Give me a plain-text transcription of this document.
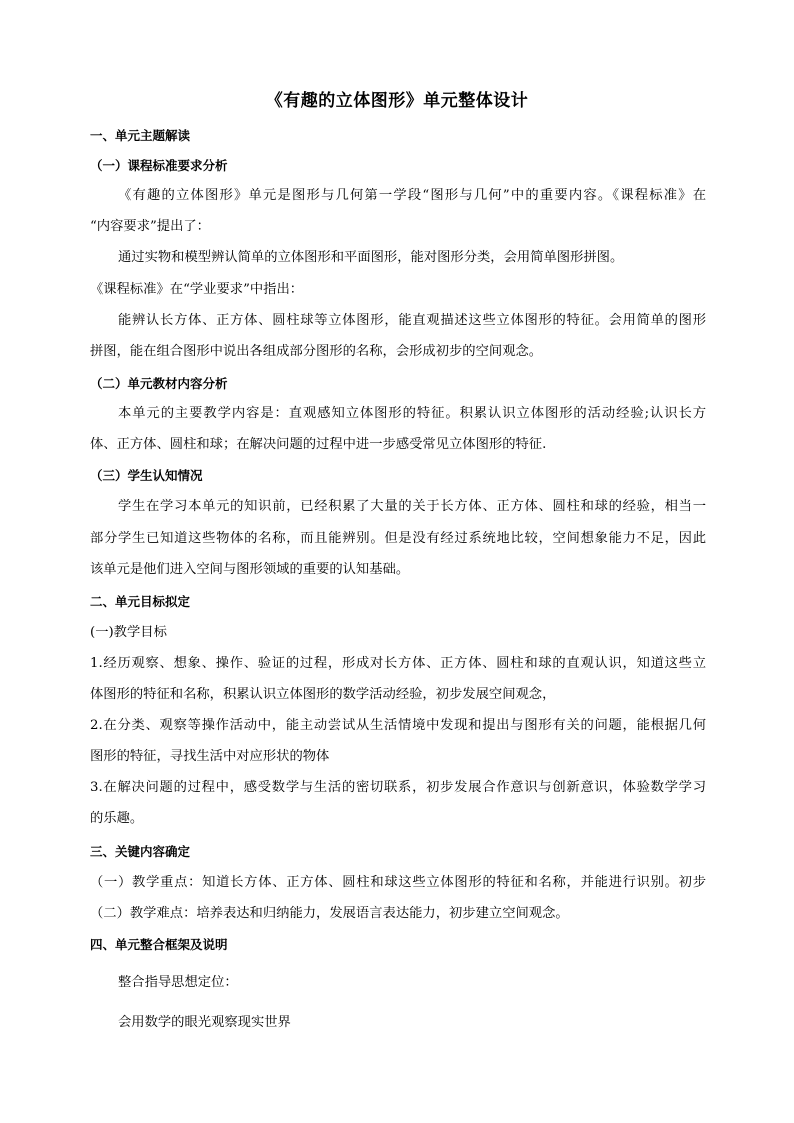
《有趣的立体图形》单元整体设计
一、单元主题解读
（一）课程标准要求分析
《有趣的立体图形》单元是图形与几何第一学段“图形与几何”中的重要内容。《课程标准》在
“内容要求”提出了：
通过实物和模型辨认简单的立体图形和平面图形，能对图形分类，会用简单图形拼图。
《课程标准》在“学业要求”中指出：
能辨认长方体、正方体、圆柱球等立体图形，能直观描述这些立体图形的特征。会用简单的图形
拼图，能在组合图形中说出各组成部分图形的名称，会形成初步的空间观念。
（二）单元教材内容分析
本单元的主要教学内容是：直观感知立体图形的特征。积累认识立体图形的活动经验;认识长方
体、正方体、圆柱和球；在解决问题的过程中进一步感受常见立体图形的特征.
（三）学生认知情况
学生在学习本单元的知识前，已经积累了大量的关于长方体、正方体、圆柱和球的经验，相当一
部分学生已知道这些物体的名称，而且能辨别。但是没有经过系统地比较，空间想象能力不足，因此
该单元是他们进入空间与图形领域的重要的认知基础。
二、单元目标拟定
(一)教学目标
1.经历观察、想象、操作、验证的过程，形成对长方体、正方体、圆柱和球的直观认识，知道这些立
体图形的特征和名称，积累认识立体图形的数学活动经验，初步发展空间观念，
2.在分类、观察等操作活动中，能主动尝试从生活情境中发现和提出与图形有关的问题，能根据几何
图形的特征，寻找生活中对应形状的物体
3.在解决问题的过程中，感受数学与生活的密切联系，初步发展合作意识与创新意识，体验数学学习
的乐趣。
三、关键内容确定
（一）教学重点：知道长方体、正方体、圆柱和球这些立体图形的特征和名称，并能进行识别。初步
（二）教学难点：培养表达和归纳能力，发展语言表达能力，初步建立空间观念。
四、单元整合框架及说明
整合指导思想定位：
会用数学的眼光观察现实世界
